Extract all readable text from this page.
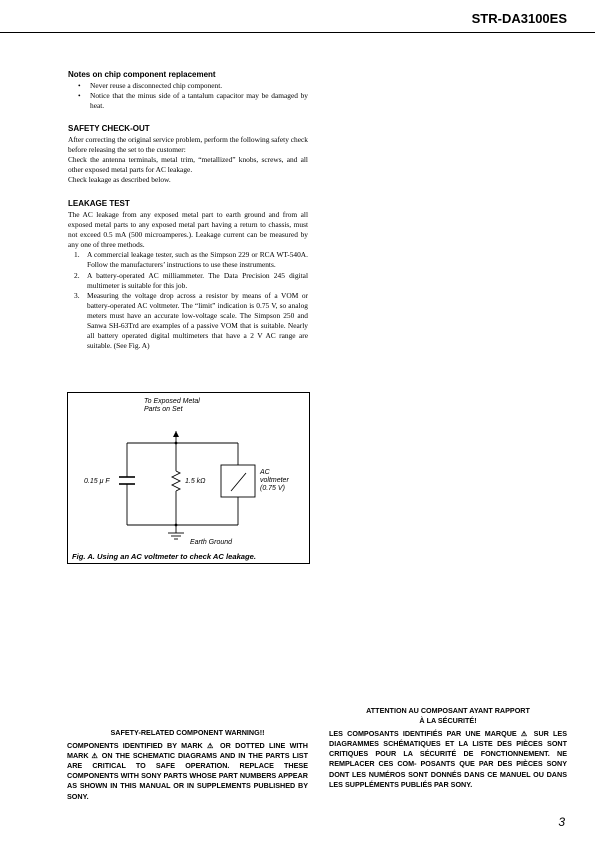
STR-DA3100ES
Notes on chip component replacement
• Never reuse a disconnected chip component.
• Notice that the minus side of a tantalum capacitor may be damaged by heat.
SAFETY CHECK-OUT

After correcting the original service problem, perform the following safety check before releasing the set to the customer:

Check the antenna terminals, metal trim, “metallized” knobs, screws, and all other exposed metal parts for AC leakage.

Check leakage as described below.

LEAKAGE TEST

The AC leakage from any exposed metal part to earth ground and from all exposed metal parts to any exposed metal part having a return to chassis, must not exceed 0.5 mA (500 microamperes.). Leakage current can be measured by any one of three methods.

1. A commercial leakage tester, such as the Simpson 229 or RCA WT-540A. Follow the manufacturers’ instructions to use these instruments.
2. A battery-operated AC milliammeter. The Data Precision 245 digital multimeter is suitable for this job.
3. Measuring the voltage drop across a resistor by means of a VOM or battery-operated AC voltmeter. The “limit” indication is 0.75 V, so analog meters must have an accurate low-voltage scale. The Simpson 250 and Sanwa SH-63Trd are examples of a passive VOM that is suitable. Nearly all battery operated digital multimeters that have a 2 V AC range are suitable. (See Fig. A)
To Exposed Metal
Parts on Set
0.15 μ F	1.5 kΩ
AC
voltmeter
(0.75 V)
Earth Ground
Fig. A. Using an AC voltmeter to check AC leakage.
SAFETY-RELATED COMPONENT WARNING!!
COMPONENTS IDENTIFIED BY MARK ⚠ OR DOTTED LINE WITH MARK ⚠ ON THE SCHEMATIC DIAGRAMS AND IN THE PARTS LIST ARE CRITICAL TO SAFE OPERATION. REPLACE THESE COMPONENTS WITH SONY PARTS WHOSE PART NUMBERS APPEAR AS SHOWN IN THIS MANUAL OR IN SUPPLEMENTS PUBLISHED BY SONY.
ATTENTION AU COMPOSANT AYANT RAPPORT
À LA SÉCURITÉ!
LES COMPOSANTS IDENTIFIÉS PAR UNE MARQUE ⚠ SUR LES DIAGRAMMES SCHÉMATIQUES ET LA LISTE DES PIÈCES SONT CRITIQUES POUR LA SÉCURITÉ DE FONCTIONNEMENT. NE REMPLACER CES COM- POSANTS QUE PAR DES PIÈCES SONY DONT LES NUMÉROS SONT DONNÉS DANS CE MANUEL OU DANS LES SUPPLÉMENTS PUBLIÉS PAR SONY.
3
